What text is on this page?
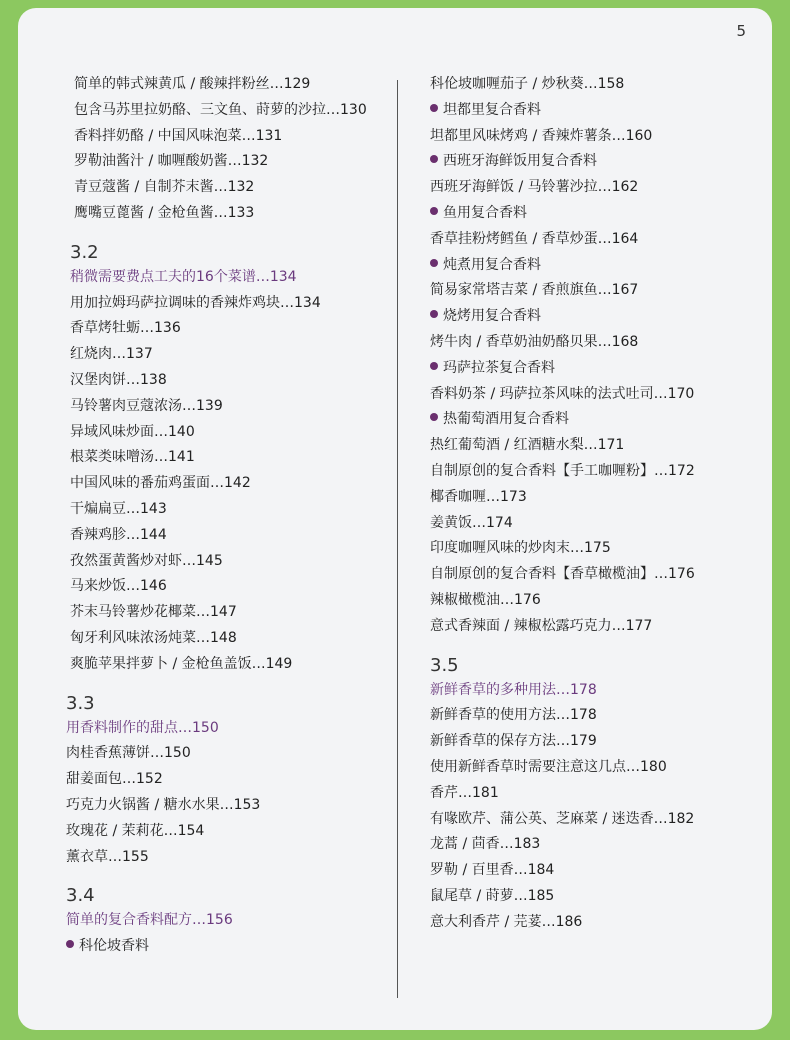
5
简单的韩式辣黄瓜 / 酸辣拌粉丝…129
包含马苏里拉奶酪、三文鱼、莳萝的沙拉…130
香料拌奶酪 / 中国风味泡菜…131
罗勒油酱汁 / 咖喱酸奶酱…132
青豆蔻酱 / 自制芥末酱…132
鹰嘴豆蓖酱 / 金枪鱼酱…133
3.2
稍微需要费点工夫的16个菜谱…134
用加拉姆玛萨拉调味的香辣炸鸡块…134
香草烤牡蛎…136
红烧肉…137
汉堡肉饼…138
马铃薯肉豆蔻浓汤…139
异域风味炒面…140
根菜类味噌汤…141
中国风味的番茄鸡蛋面…142
干煸扁豆…143
香辣鸡胗…144
孜然蛋黄酱炒对虾…145
马来炒饭…146
芥末马铃薯炒花椰菜…147
匈牙利风味浓汤炖菜…148
爽脆苹果拌萝卜 / 金枪鱼盖饭…149
3.3
用香料制作的甜点…150
肉桂香蕉薄饼…150
甜姜面包…152
巧克力火锅酱 / 糖水水果…153
玫瑰花 / 茉莉花…154
薰衣草…155
3.4
简单的复合香料配方…156
科伦坡香料
科伦坡咖喱茄子 / 炒秋葵…158
坦都里复合香料
坦都里风味烤鸡 / 香辣炸薯条…160
西班牙海鲜饭用复合香料
西班牙海鲜饭 / 马铃薯沙拉…162
鱼用复合香料
香草挂粉烤鳕鱼 / 香草炒蛋…164
炖煮用复合香料
简易家常塔吉菜 / 香煎旗鱼…167
烧烤用复合香料
烤牛肉 / 香草奶油奶酪贝果…168
玛萨拉茶复合香料
香料奶茶 / 玛萨拉茶风味的法式吐司…170
热葡萄酒用复合香料
热红葡萄酒 / 红酒糖水梨…171
自制原创的复合香料【手工咖喱粉】…172
椰香咖喱…173
姜黄饭…174
印度咖喱风味的炒肉末…175
自制原创的复合香料【香草橄榄油】…176
辣椒橄榄油…176
意式香辣面 / 辣椒松露巧克力…177
3.5
新鲜香草的多种用法…178
新鲜香草的使用方法…178
新鲜香草的保存方法…179
使用新鲜香草时需要注意这几点…180
香芹…181
有喙欧芹、蒲公英、芝麻菜 / 迷迭香…182
龙蒿 / 茴香…183
罗勒 / 百里香…184
鼠尾草 / 莳萝…185
意大利香芹 / 芫荽…186
